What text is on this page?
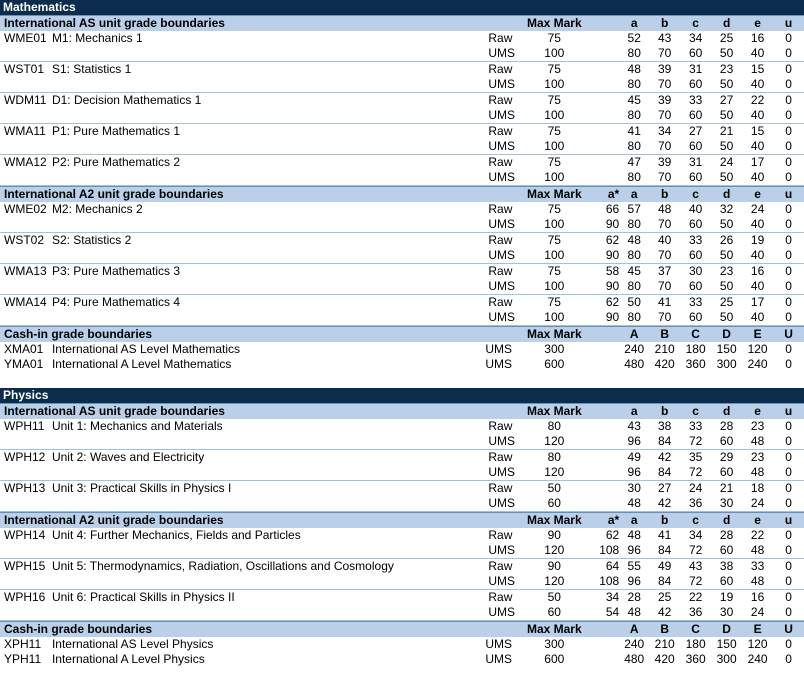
Mathematics
International AS unit grade boundaries	Max Mark	a	b	c	d	e	u
WME01 M1: Mechanics 1	Raw	75	52	43	34	25	16	0
UMS	100	80	70	60	50	40	0
WST01 S1: Statistics 1	Raw	75	48	39	31	23	15	0
UMS	100	80	70	60	50	40	0
WDM11 D1: Decision Mathematics 1	Raw	75	45	39	33	27	22	0
UMS	100	80	70	60	50	40	0
WMA11 P1: Pure Mathematics 1	Raw	75	41	34	27	21	15	0
UMS	100	80	70	60	50	40	0
WMA12 P2: Pure Mathematics 2	Raw	75	47	39	31	24	17	0
UMS	100	80	70	60	50	40	0
International A2 unit grade boundaries	Max Mark	a* a	b	c	d	e	u
WME02 M2: Mechanics 2	Raw	75	66 57	48	40	32	24	0
UMS	100	90 80	70	60	50	40	0
WST02 S2: Statistics 2	Raw	75	62 48	40	33	26	19	0
UMS	100	90 80	70	60	50	40	0
WMA13 P3: Pure Mathematics 3	Raw	75	58 45	37	30	23	16	0
UMS	100	90 80	70	60	50	40	0
WMA14 P4: Pure Mathematics 4	Raw	75	62 50	41	33	25	17	0
UMS	100	90 80	70	60	50	40	0
Cash-in grade boundaries	Max Mark	A	B	C	D	E	U
XMA01 International AS Level Mathematics	UMS	300	240 210 180 150 120	0
YMA01 International A Level Mathematics	UMS	600	480 420 360 300 240	0
Physics
International AS unit grade boundaries	Max Mark	a	b	c	d	e	u
WPH11 Unit 1: Mechanics and Materials	Raw	80	43	38	33	28	23	0
UMS	120	96	84	72	60	48	0
WPH12 Unit 2: Waves and Electricity	Raw	80	49	42	35	29	23	0
UMS	120	96	84	72	60	48	0
WPH13 Unit 3: Practical Skills in Physics I	Raw	50	30	27	24	21	18	0
UMS	60	48	42	36	30	24	0
International A2 unit grade boundaries	Max Mark	a* a	b	c	d	e	u
WPH14 Unit 4: Further Mechanics, Fields and Particles	Raw	90	62 48	41	34	28	22	0
UMS	120	108 96	84	72	60	48	0
WPH15 Unit 5: Thermodynamics, Radiation, Oscillations and Cosmology	Raw	90	64 55	49	43	38	33	0
UMS	120	108 96	84	72	60	48	0
WPH16 Unit 6: Practical Skills in Physics II	Raw	50	34 28	25	22	19	16	0
UMS	60	54 48	42	36	30	24	0
Cash-in grade boundaries	Max Mark	A	B	C	D	E	U
XPH11 International AS Level Physics	UMS	300	240 210 180 150 120	0
YPH11 International A Level Physics	UMS	600	480 420 360 300 240	0
